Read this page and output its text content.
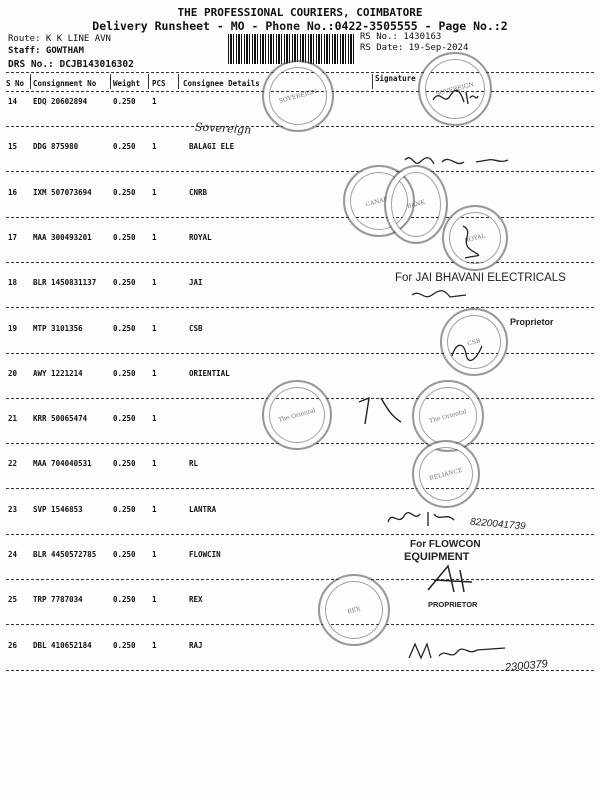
THE PROFESSIONAL COURIERS, COIMBATORE
Delivery Runsheet - MO - Phone No.:0422-3505555 - Page No.:2
Route: K K LINE AVN
Staff: GOWTHAM
DRS No.: DCJB143016302
RS No.: 1430163
RS Date: 19-Sep-2024
S No Consignment No Weight PCS Consignee Details
Signature
14 EDQ 20602894	0.250 1
15 DDG 875980	0.250 1	BALAGI ELE
16 IXM 507073694	0.250 1	CNRB
17 MAA 300493201	0.250 1	ROYAL
18 BLR 1450831137 0.250 1	JAI
19 MTP 3101356	0.250 1	CSB
20 AWY 1221214	0.250 1	ORIENTIAL
21 KRR 50065474	0.250 1
22 MAA 704040531	0.250 1	RL
23 SVP 1546853	0.250 1	LANTRA
24 BLR 4450572785 0.250 1	FLOWCIN
25 TRP 7787034	0.250 1	REX
26 DBL 410652184	0.250 1	RAJ
SOVEREIGN	SOVEREIGN
CANARA	BANK
ROYAL
CSB
The Oriental	The Oriental
RELIANCE
REX
Sovereign
For JAI BHAVANI ELECTRICALS
Proprietor
For FLOWCON
EQUIPMENT
PROPRIETOR
8220041739
2300379
